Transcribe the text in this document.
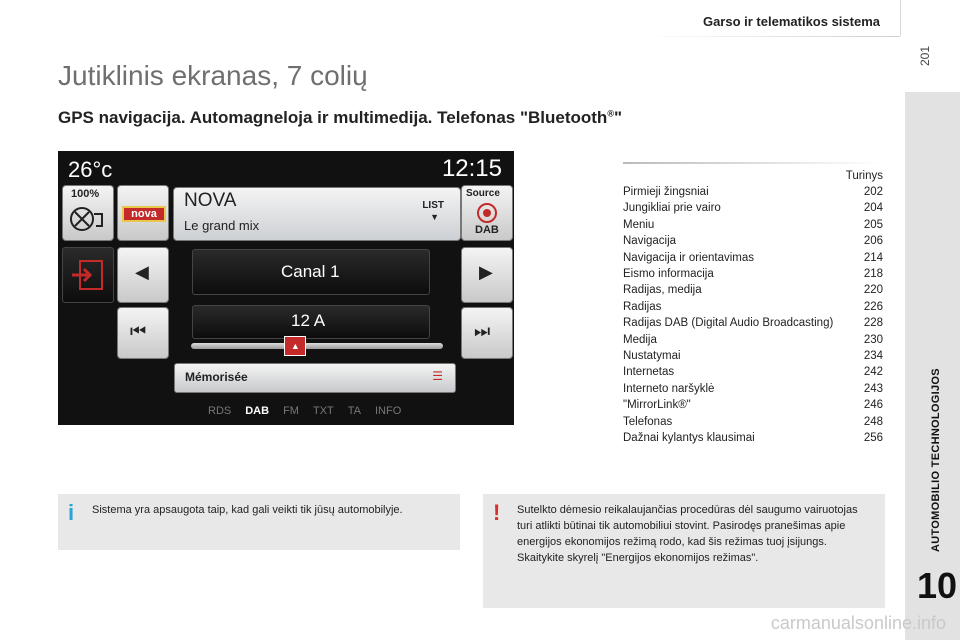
Garso ir telematikos sistema
201
AUTOMOBILIO TECHNOLOGIJOS
10
Jutiklinis ekranas, 7 colių
GPS navigacija. Automagneloja ir multimedija. Telefonas "Bluetooth®"
26°c	12:15
100%
nova
NOVA
Le grand mix
LIST
▼
Source
DAB
◀	Canal 1	▶
⏮
12 A
⏭
▲
Mémorisée	☰
RDS DAB FM TXT TA INFO
Turinys
Pirmieji žingsniai	202
Jungikliai prie vairo	204
Meniu	205
Navigacija	206
Navigacija ir orientavimas	214
Eismo informacija	218
Radijas, medija	220
Radijas	226
Radijas DAB (Digital Audio Broadcasting)	228
Medija	230
Nustatymai	234
Internetas	242
Interneto naršyklė	243
"MirrorLink®"	246
Telefonas	248
Dažnai kylantys klausimai	256
i Sistema yra apsaugota taip, kad gali veikti tik jūsų automobilyje.	! Sutelkto dėmesio reikalaujančias procedūras dėl saugumo vairuotojas turi atlikti būtinai tik automobiliui stovint. Pasirodęs pranešimas apie energijos ekonomijos režimą rodo, kad šis režimas tuoj įsijungs. Skaitykite skyrelį "Energijos ekonomijos režimas".
carmanualsonline.info
